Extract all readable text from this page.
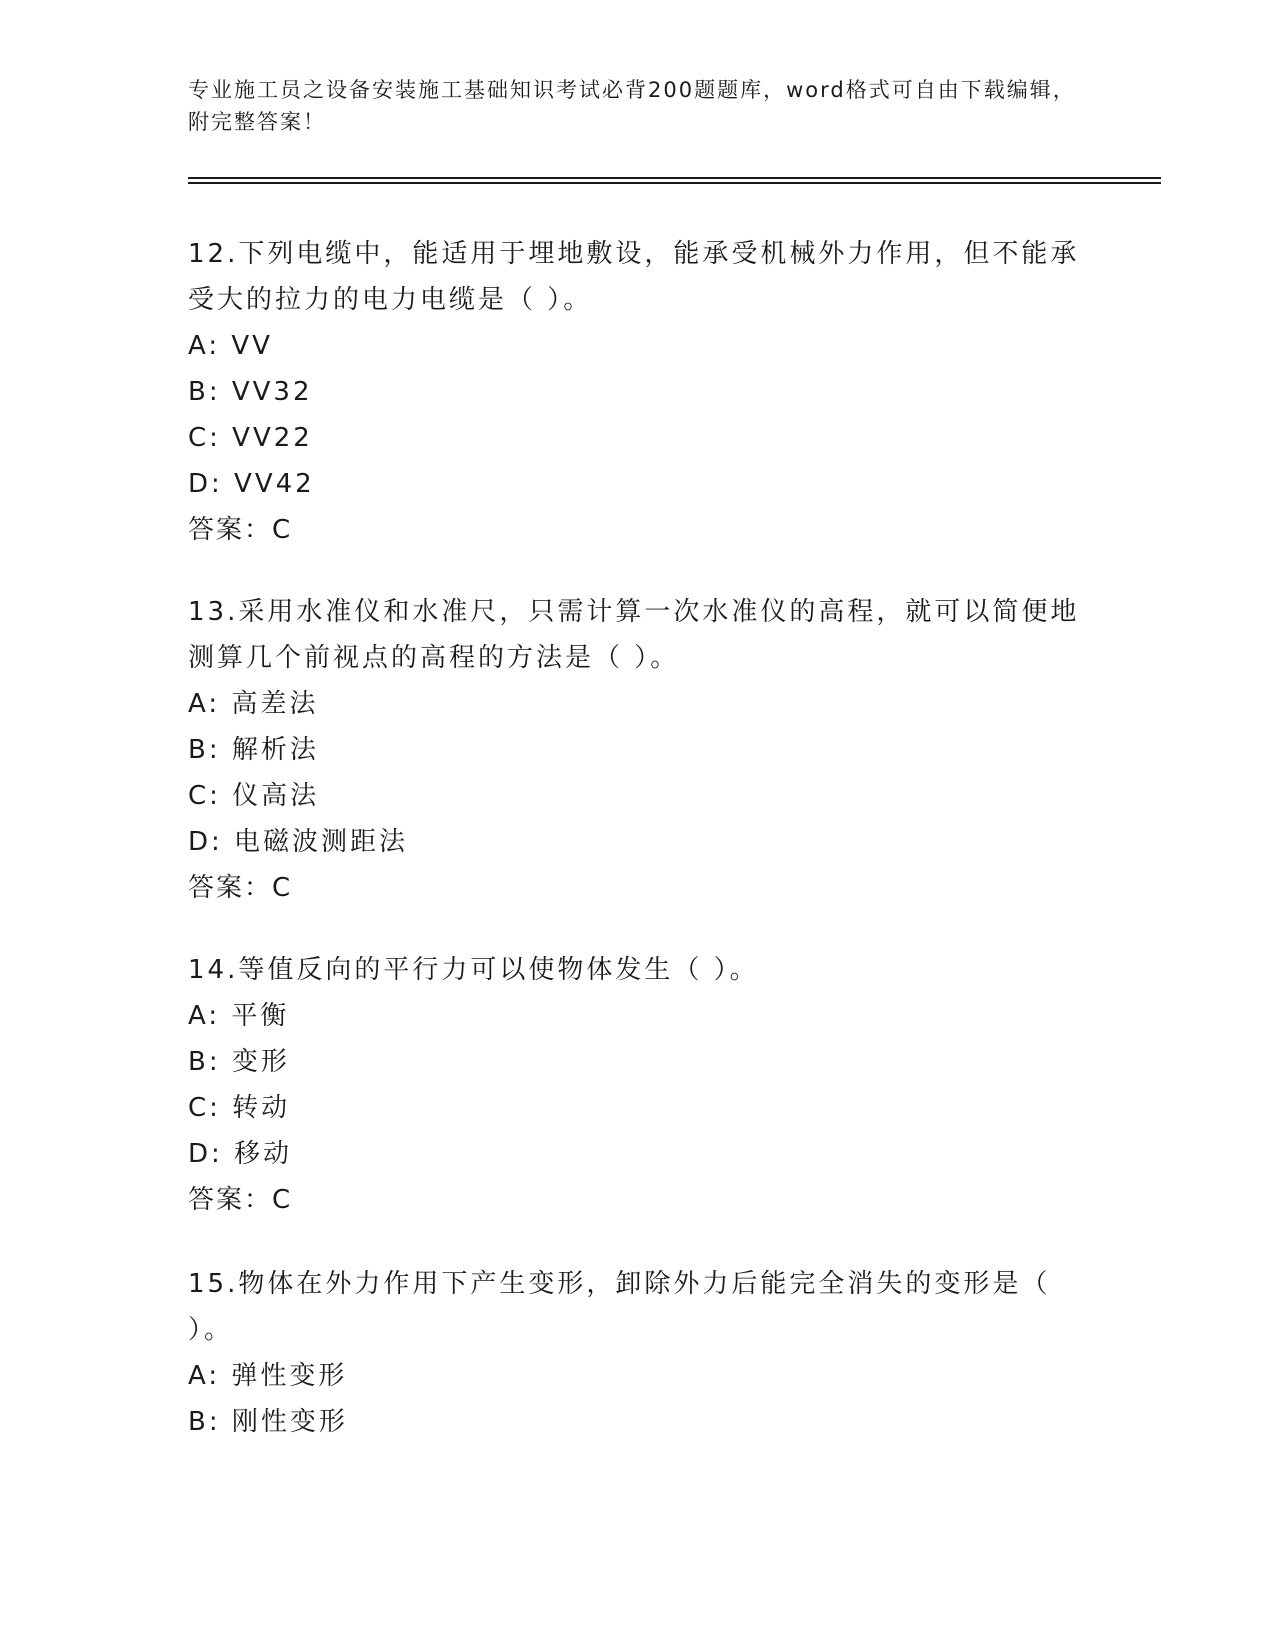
专业施工员之设备安装施工基础知识考试必背200题题库，word格式可自由下载编辑，附完整答案！
12.下列电缆中，能适用于埋地敷设，能承受机械外力作用，但不能承受大的拉力的电力电缆是（ ）。
A: VV
B: VV32
C: VV22
D: VV42
答案：C
13.采用水准仪和水准尺，只需计算一次水准仪的高程，就可以简便地测算几个前视点的高程的方法是（ ）。
A: 高差法
B: 解析法
C: 仪高法
D: 电磁波测距法
答案：C
14.等值反向的平行力可以使物体发生（ ）。
A: 平衡
B: 变形
C: 转动
D: 移动
答案：C
15.物体在外力作用下产生变形，卸除外力后能完全消失的变形是（ ）。
A: 弹性变形
B: 刚性变形
